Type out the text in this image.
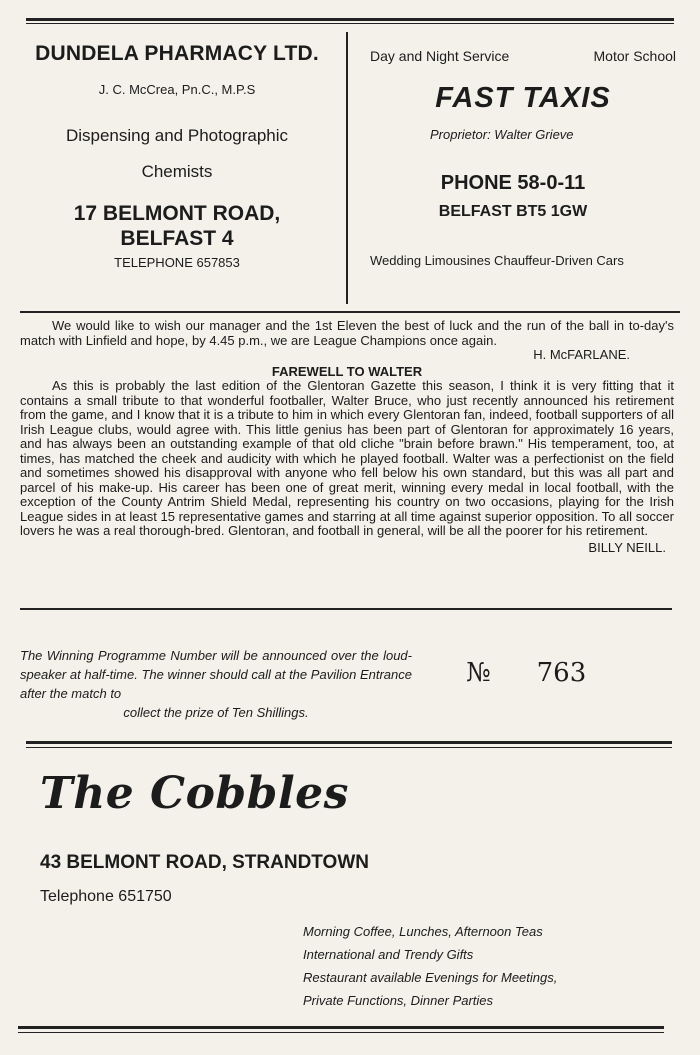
DUNDELA PHARMACY LTD.
J. C. McCrea, Pn.C., M.P.S
Dispensing and Photographic
Chemists
17 BELMONT ROAD,
BELFAST 4
TELEPHONE 657853
Day and Night Service	Motor School
FAST TAXIS
Proprietor: Walter Grieve
PHONE 58-0-11
BELFAST BT5 1GW
Wedding Limousines Chauffeur-Driven Cars

We would like to wish our manager and the 1st Eleven the best of luck and the run of the ball in to-day's match with Linfield and hope, by 4.45 p.m., we are League Champions once again.

H. McFARLANE.
FAREWELL TO WALTER

As this is probably the last edition of the Glentoran Gazette this season, I think it is very fitting that it contains a small tribute to that wonderful footballer, Walter Bruce, who just recently announced his retirement from the game, and I know that it is a tribute to him in which every Glentoran fan, indeed, football supporters of all Irish League clubs, would agree with. This little genius has been part of Glentoran for approximately 16 years, and has always been an outstanding example of that old cliche "brain before brawn." His temperament, too, at times, has matched the cheek and audicity with which he played football. Walter was a perfectionist on the field and sometimes showed his disapproval with anyone who fell below his own standard, but this was all part and parcel of his make-up. His career has been one of great merit, winning every medal in local football, with the exception of the County Antrim Shield Medal, representing his country on two occasions, playing for the Irish League sides in at least 15 representative games and starring at all time against superior opposition. To all soccer lovers he was a real thorough-bred. Glentoran, and football in general, will be all the poorer for his retirement.

BILLY NEILL.
The Winning Programme Number will be announced over the loud-speaker at half-time. The winner should call at the Pavilion Entrance after the match to
collect the prize of Ten Shillings.
№ 763
The Cobbles
43 BELMONT ROAD, STRANDTOWN
Telephone 651750
Morning Coffee, Lunches, Afternoon Teas
International and Trendy Gifts
Restaurant available Evenings for Meetings,
Private Functions, Dinner Parties
